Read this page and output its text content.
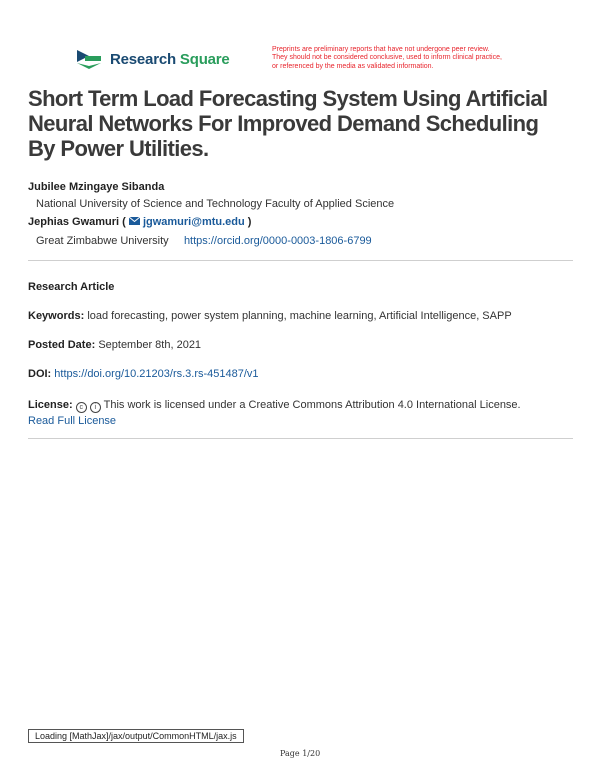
Research Square
Preprints are preliminary reports that have not undergone peer review.
They should not be considered conclusive, used to inform clinical practice,
or referenced by the media as validated information.
Short Term Load Forecasting System Using Artificial Neural Networks For Improved Demand Scheduling By Power Utilities.
Jubilee Mzingaye Sibanda
National University of Science and Technology Faculty of Applied Science
Jephias Gwamuri (  jgwamuri@mtu.edu )
Great Zimbabwe University https://orcid.org/0000-0003-1806-6799
Research Article
Keywords: load forecasting, power system planning, machine learning, Artificial Intelligence, SAPP
Posted Date: September 8th, 2021
DOI: https://doi.org/10.21203/rs.3.rs-451487/v1
License: c i This work is licensed under a Creative Commons Attribution 4.0 International License.
Read Full License
Loading [MathJax]/jax/output/CommonHTML/jax.js
Page 1/20
